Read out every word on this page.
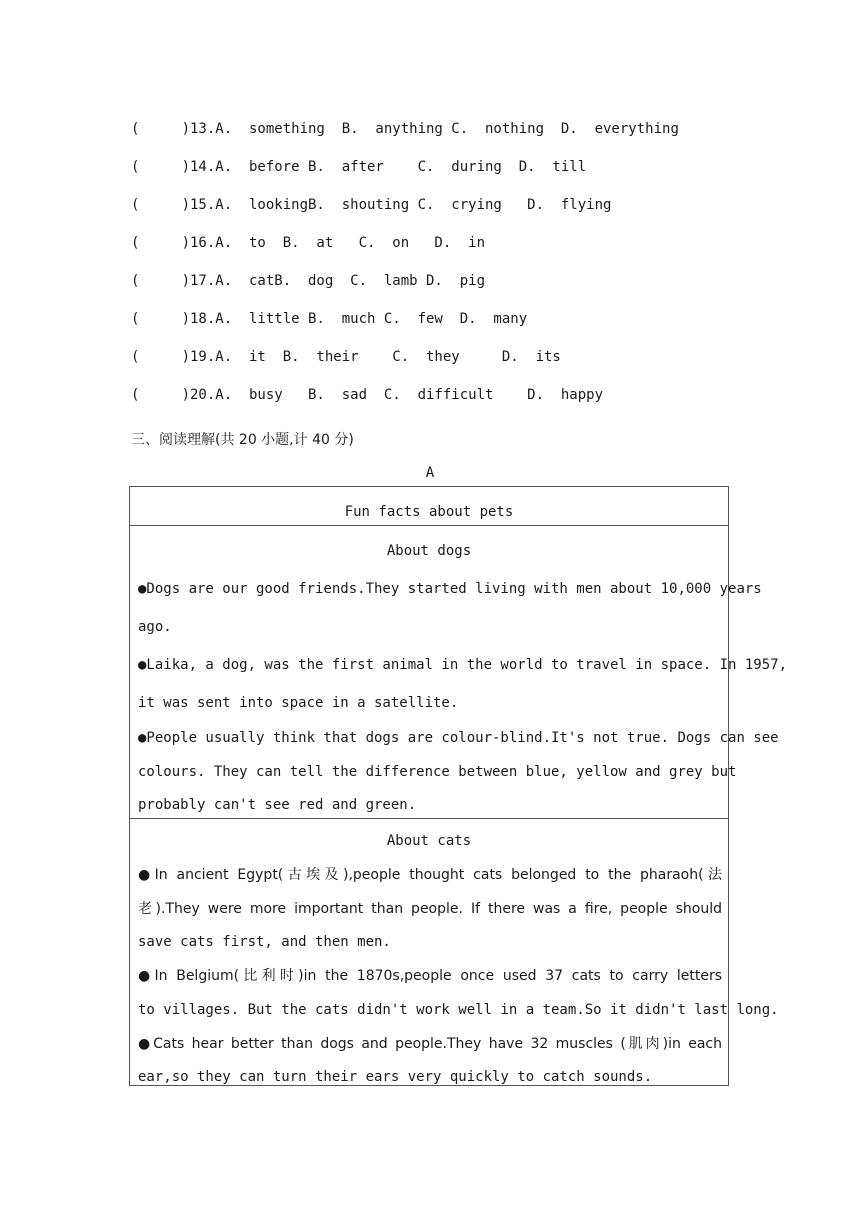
(     )13.A.  something  B.  anything C.  nothing  D.  everything
(     )14.A.  before B.  after    C.  during  D.  till
(     )15.A.  lookingB.  shouting C.  crying   D.  flying
(     )16.A.  to  B.  at   C.  on   D.  in
(     )17.A.  catB.  dog  C.  lamb D.  pig
(     )18.A.  little B.  much C.  few  D.  many
(     )19.A.  it  B.  their    C.  they     D.  its
(     )20.A.  busy   B.  sad  C.  difficult    D.  happy
三、阅读理解(共 20 小题,计 40 分)
A
Fun facts about pets
About dogs
●Dogs are our good friends.They started living with men about 10,000 years
ago.
●Laika, a dog, was the first animal in the world to travel in space. In 1957,
it was sent into space in a satellite.
●People usually think that dogs are colour-blind.It's not true. Dogs can see
colours. They can tell the difference between blue, yellow and grey but
probably can't see red and green.
About cats
●In ancient Egypt(古埃及),people thought cats belonged to the pharaoh(法
老).They were more important than people. If there was a fire, people should
save cats first, and then men.
●In Belgium(比利时)in the 1870s,people once used 37 cats to carry letters
to villages. But the cats didn't work well in a team.So it didn't last long.
●Cats hear better than dogs and people.They have 32 muscles (肌肉)in each
ear,so they can turn their ears very quickly to catch sounds.
